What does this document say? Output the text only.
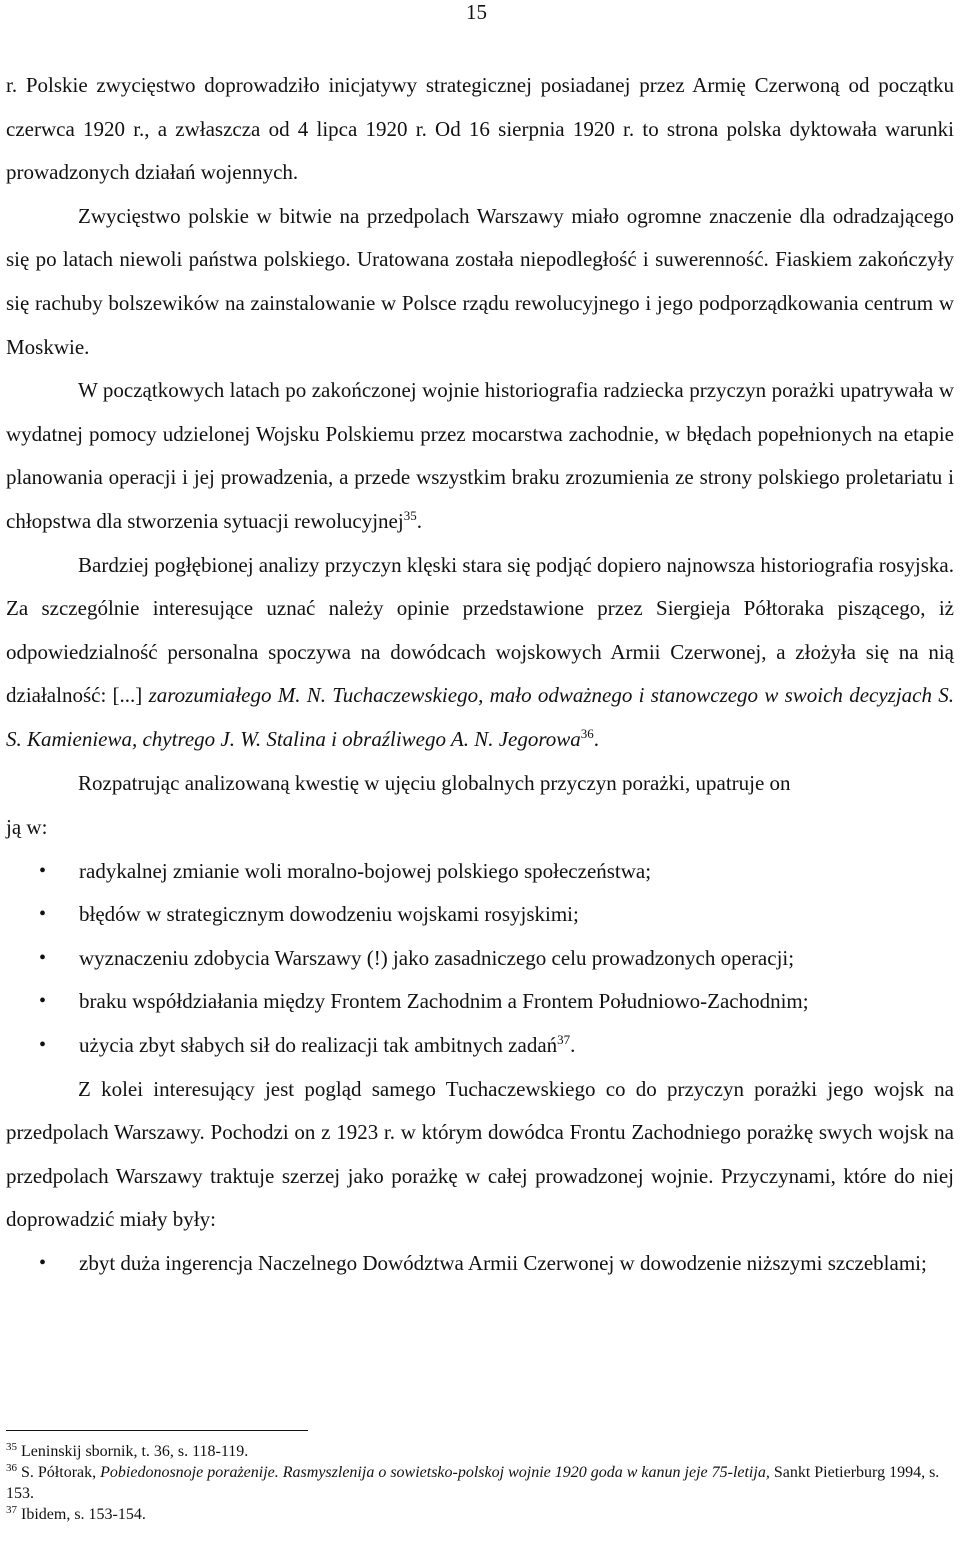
15

r. Polskie zwycięstwo doprowadziło inicjatywy strategicznej posiadanej przez Armię Czerwoną od początku czerwca 1920 r., a zwłaszcza od 4 lipca 1920 r. Od 16 sierpnia 1920 r. to strona polska dyktowała warunki prowadzonych działań wojennych.

Zwycięstwo polskie w bitwie na przedpolach Warszawy miało ogromne znaczenie dla odradzającego się po latach niewoli państwa polskiego. Uratowana została niepodległość i suwerenność. Fiaskiem zakończyły się rachuby bolszewików na zainstalowanie w Polsce rządu rewolucyjnego i jego podporządkowania centrum w Moskwie.

W początkowych latach po zakończonej wojnie historiografia radziecka przyczyn porażki upatrywała w wydatnej pomocy udzielonej Wojsku Polskiemu przez mocarstwa zachodnie, w błędach popełnionych na etapie planowania operacji i jej prowadzenia, a przede wszystkim braku zrozumienia ze strony polskiego proletariatu i chłopstwa dla stworzenia sytuacji rewolucyjnej$^{35}$.

Bardziej pogłębionej analizy przyczyn klęski stara się podjąć dopiero najnowsza historiografia rosyjska. Za szczególnie interesujące uznać należy opinie przedstawione przez Siergieja Półtoraka piszącego, iż odpowiedzialność personalna spoczywa na dowódcach wojskowych Armii Czerwonej, a złożyła się na nią działalność: [...] zarozumiałego M. N. Tuchaczewskiego, mało odważnego i stanowczego w swoich decyzjach S. S. Kamieniewa, chytrego J. W. Stalina i obraźliwego A. N. Jegorowa$^{36}$.

Rozpatrując analizowaną kwestię w ujęciu globalnych przyczyn porażki, upatruje on

ją w:

• radykalnej zmianie woli moralno-bojowej polskiego społeczeństwa;
• błędów w strategicznym dowodzeniu wojskami rosyjskimi;
• wyznaczeniu zdobycia Warszawy (!) jako zasadniczego celu prowadzonych operacji;
• braku współdziałania między Frontem Zachodnim a Frontem Południowo-Zachodnim;
• użycia zbyt słabych sił do realizacji tak ambitnych zadań$^{37}$.

Z kolei interesujący jest pogląd samego Tuchaczewskiego co do przyczyn porażki jego wojsk na przedpolach Warszawy. Pochodzi on z 1923 r. w którym dowódca Frontu Zachodniego porażkę swych wojsk na przedpolach Warszawy traktuje szerzej jako porażkę w całej prowadzonej wojnie. Przyczynami, które do niej doprowadzić miały były:

• zbyt duża ingerencja Naczelnego Dowództwa Armii Czerwonej w dowodzenie niższymi szczeblami;
$^{35}$ Leninskij sbornik, t. 36, s. 118-119.
$^{36}$ S. Półtorak, Pobiedonosnoje porażenije. Rasmyszlenija o sowietsko-polskoj wojnie 1920 goda w kanun jeje 75-letija, Sankt Pietierburg 1994, s. 153.
$^{37}$ Ibidem, s. 153-154.
